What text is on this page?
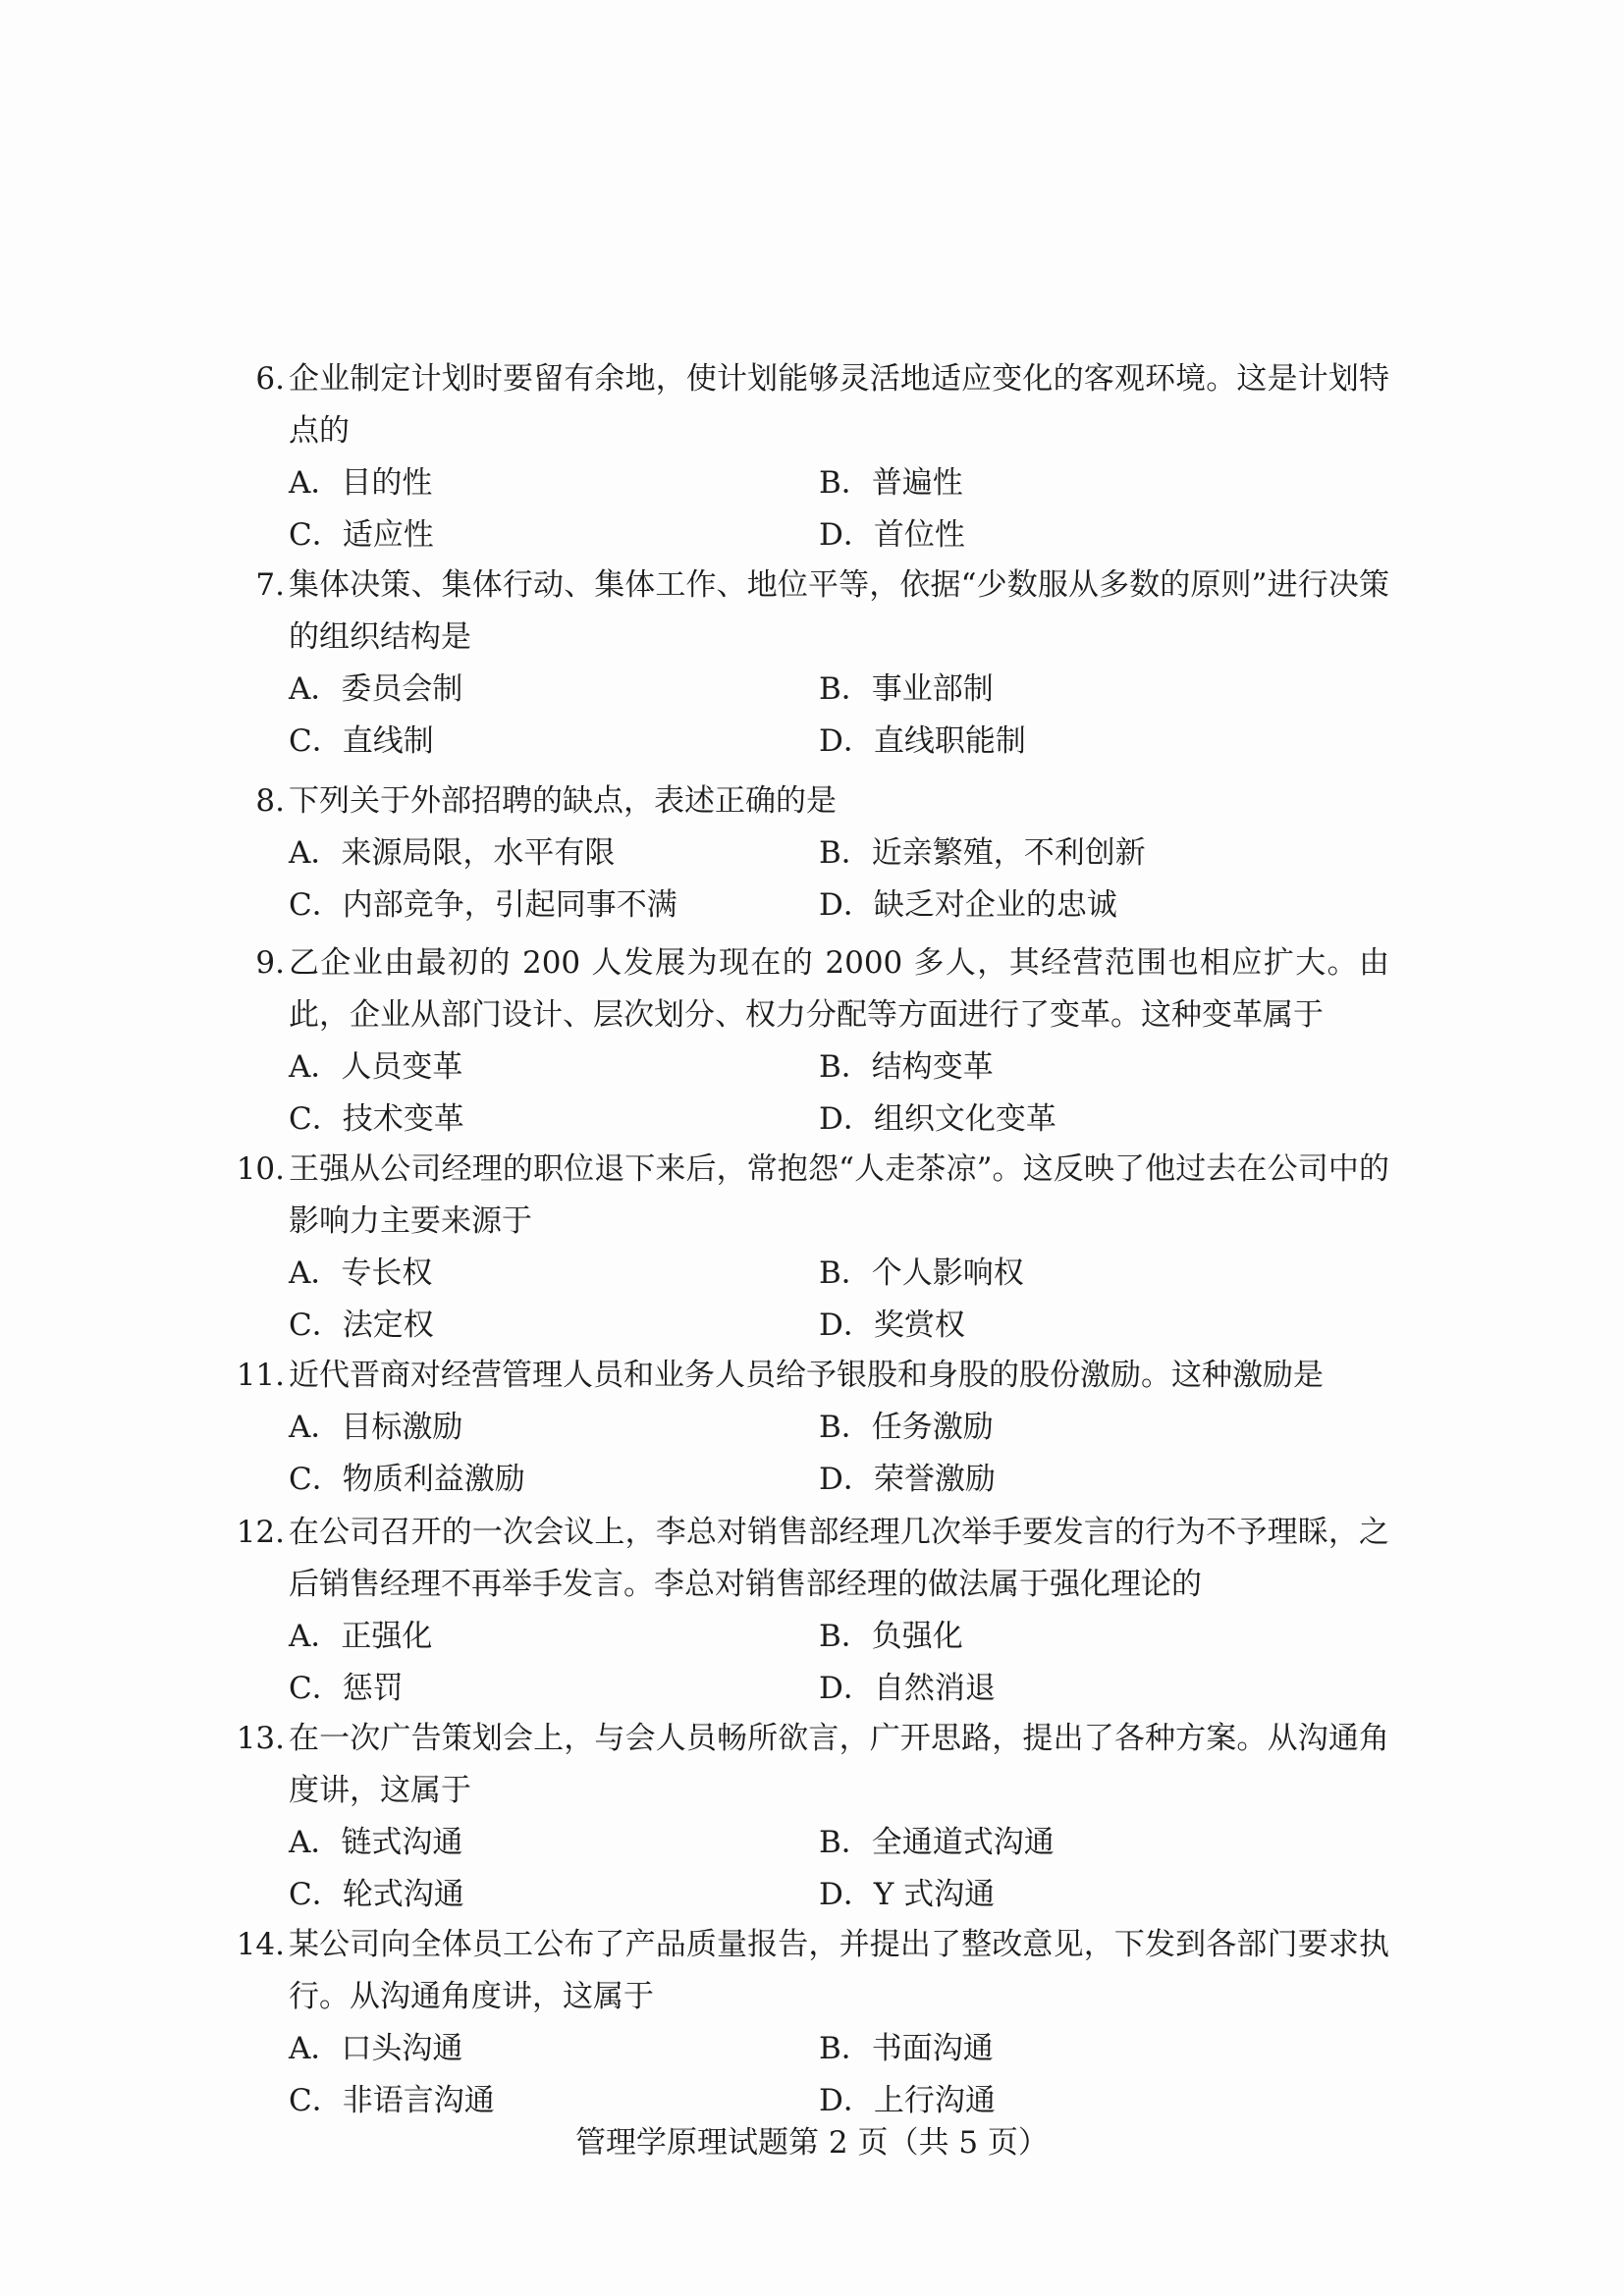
6. 企业制定计划时要留有余地，使计划能够灵活地适应变化的客观环境。这是计划特点的
A．目的性	B．普遍性
C．适应性	D．首位性
7. 集体决策、集体行动、集体工作、地位平等，依据“少数服从多数的原则”进行决策的组织结构是
A．委员会制	B．事业部制
C．直线制	D．直线职能制
8. 下列关于外部招聘的缺点，表述正确的是
A．来源局限，水平有限	B．近亲繁殖，不利创新
C．内部竞争，引起同事不满	D．缺乏对企业的忠诚
9. 乙企业由最初的 200 人发展为现在的 2000 多人，其经营范围也相应扩大。由此，企业从部门设计、层次划分、权力分配等方面进行了变革。这种变革属于
A．人员变革	B．结构变革
C．技术变革	D．组织文化变革
10. 王强从公司经理的职位退下来后，常抱怨“人走茶凉”。这反映了他过去在公司中的影响力主要来源于
A．专长权	B．个人影响权
C．法定权	D．奖赏权
11. 近代晋商对经营管理人员和业务人员给予银股和身股的股份激励。这种激励是
A．目标激励	B．任务激励
C．物质利益激励	D．荣誉激励
12. 在公司召开的一次会议上，李总对销售部经理几次举手要发言的行为不予理睬，之后销售经理不再举手发言。李总对销售部经理的做法属于强化理论的
A．正强化	B．负强化
C．惩罚	D．自然消退
13. 在一次广告策划会上，与会人员畅所欲言，广开思路，提出了各种方案。从沟通角度讲，这属于
A．链式沟通	B．全通道式沟通
C．轮式沟通	D．Y 式沟通
14. 某公司向全体员工公布了产品质量报告，并提出了整改意见，下发到各部门要求执行。从沟通角度讲，这属于
A．口头沟通	B．书面沟通
C．非语言沟通	D．上行沟通
管理学原理试题第 2 页（共 5 页）
